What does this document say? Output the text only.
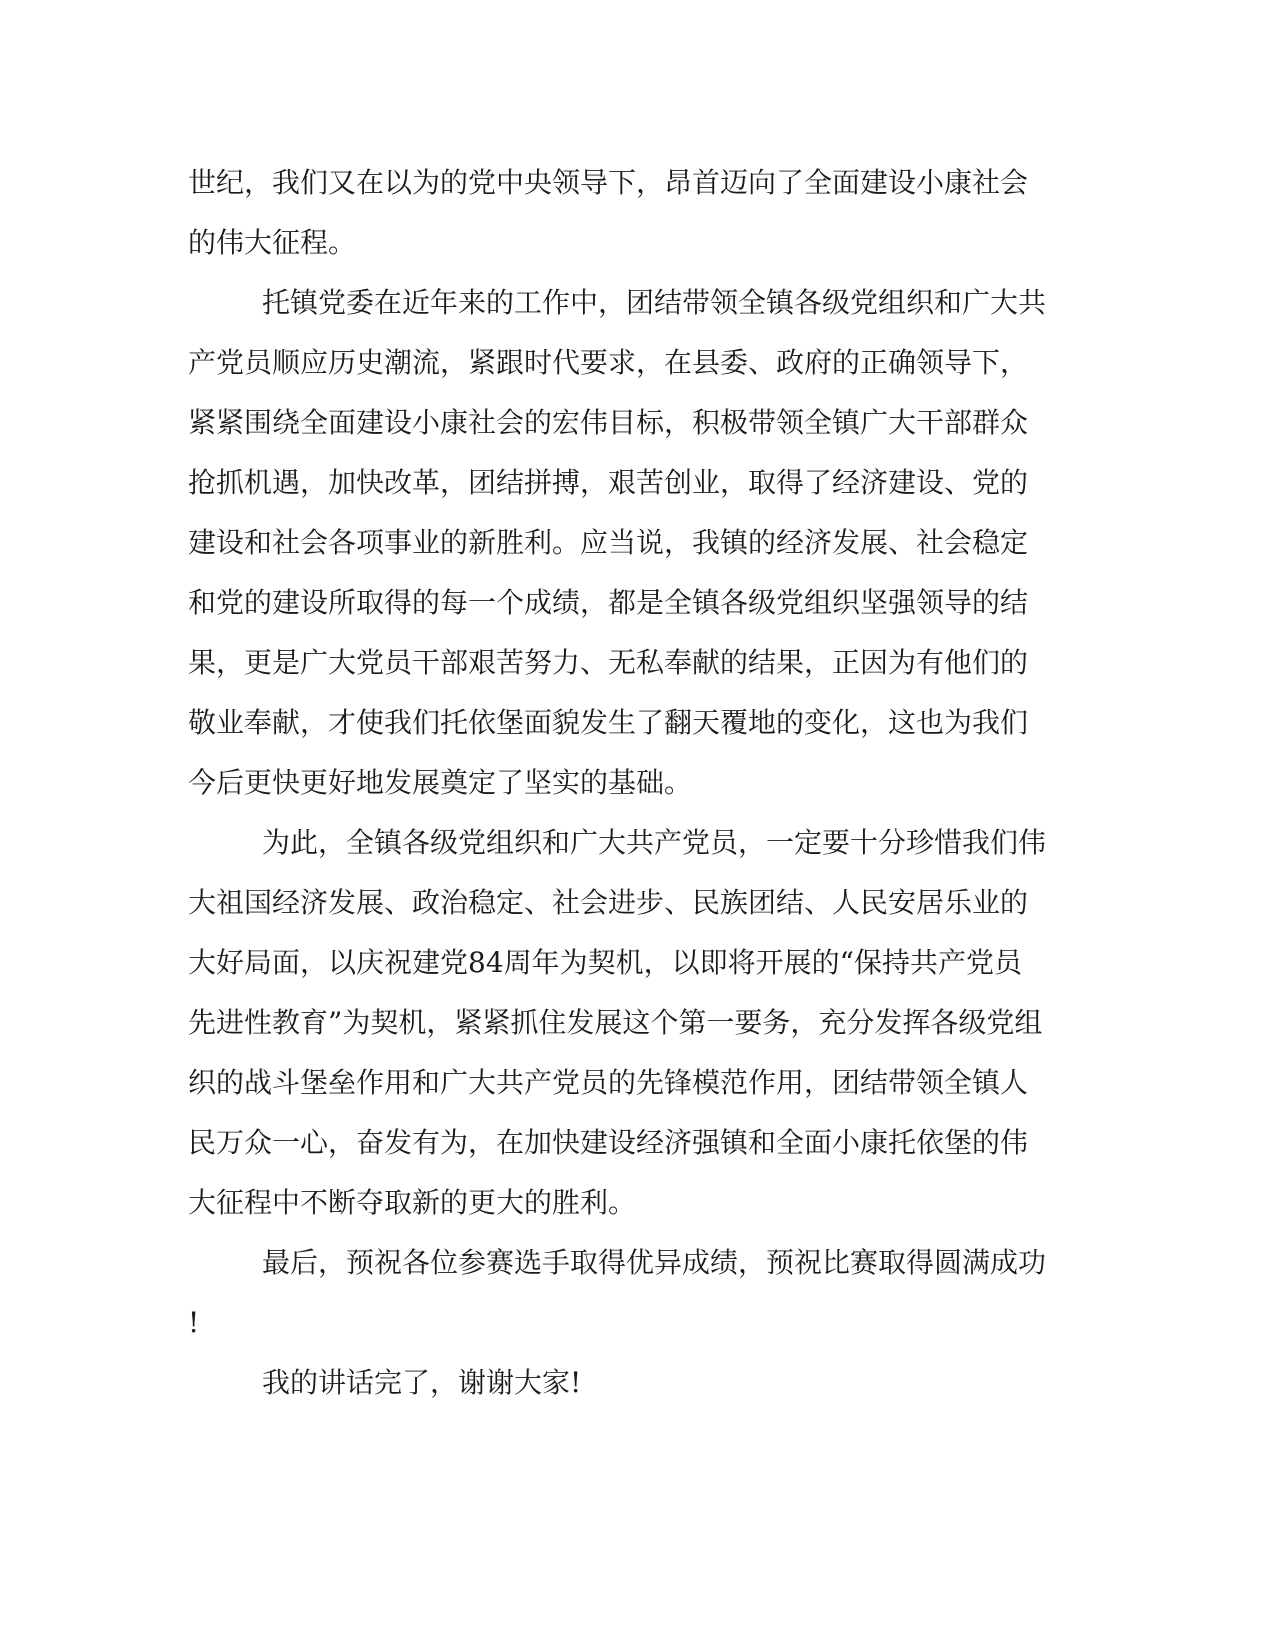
世纪，我们又在以为的党中央领导下，昂首迈向了全面建设小康社会
的伟大征程。
托镇党委在近年来的工作中，团结带领全镇各级党组织和广大共
产党员顺应历史潮流，紧跟时代要求，在县委、政府的正确领导下，
紧紧围绕全面建设小康社会的宏伟目标，积极带领全镇广大干部群众
抢抓机遇，加快改革，团结拼搏，艰苦创业，取得了经济建设、党的
建设和社会各项事业的新胜利。应当说，我镇的经济发展、社会稳定
和党的建设所取得的每一个成绩，都是全镇各级党组织坚强领导的结
果，更是广大党员干部艰苦努力、无私奉献的结果，正因为有他们的
敬业奉献，才使我们托依堡面貌发生了翻天覆地的变化，这也为我们
今后更快更好地发展奠定了坚实的基础。
为此，全镇各级党组织和广大共产党员，一定要十分珍惜我们伟
大祖国经济发展、政治稳定、社会进步、民族团结、人民安居乐业的
大好局面，以庆祝建党84周年为契机，以即将开展的“保持共产党员
先进性教育”为契机，紧紧抓住发展这个第一要务，充分发挥各级党组
织的战斗堡垒作用和广大共产党员的先锋模范作用，团结带领全镇人
民万众一心，奋发有为，在加快建设经济强镇和全面小康托依堡的伟
大征程中不断夺取新的更大的胜利。
最后，预祝各位参赛选手取得优异成绩，预祝比赛取得圆满成功
!
我的讲话完了，谢谢大家!
